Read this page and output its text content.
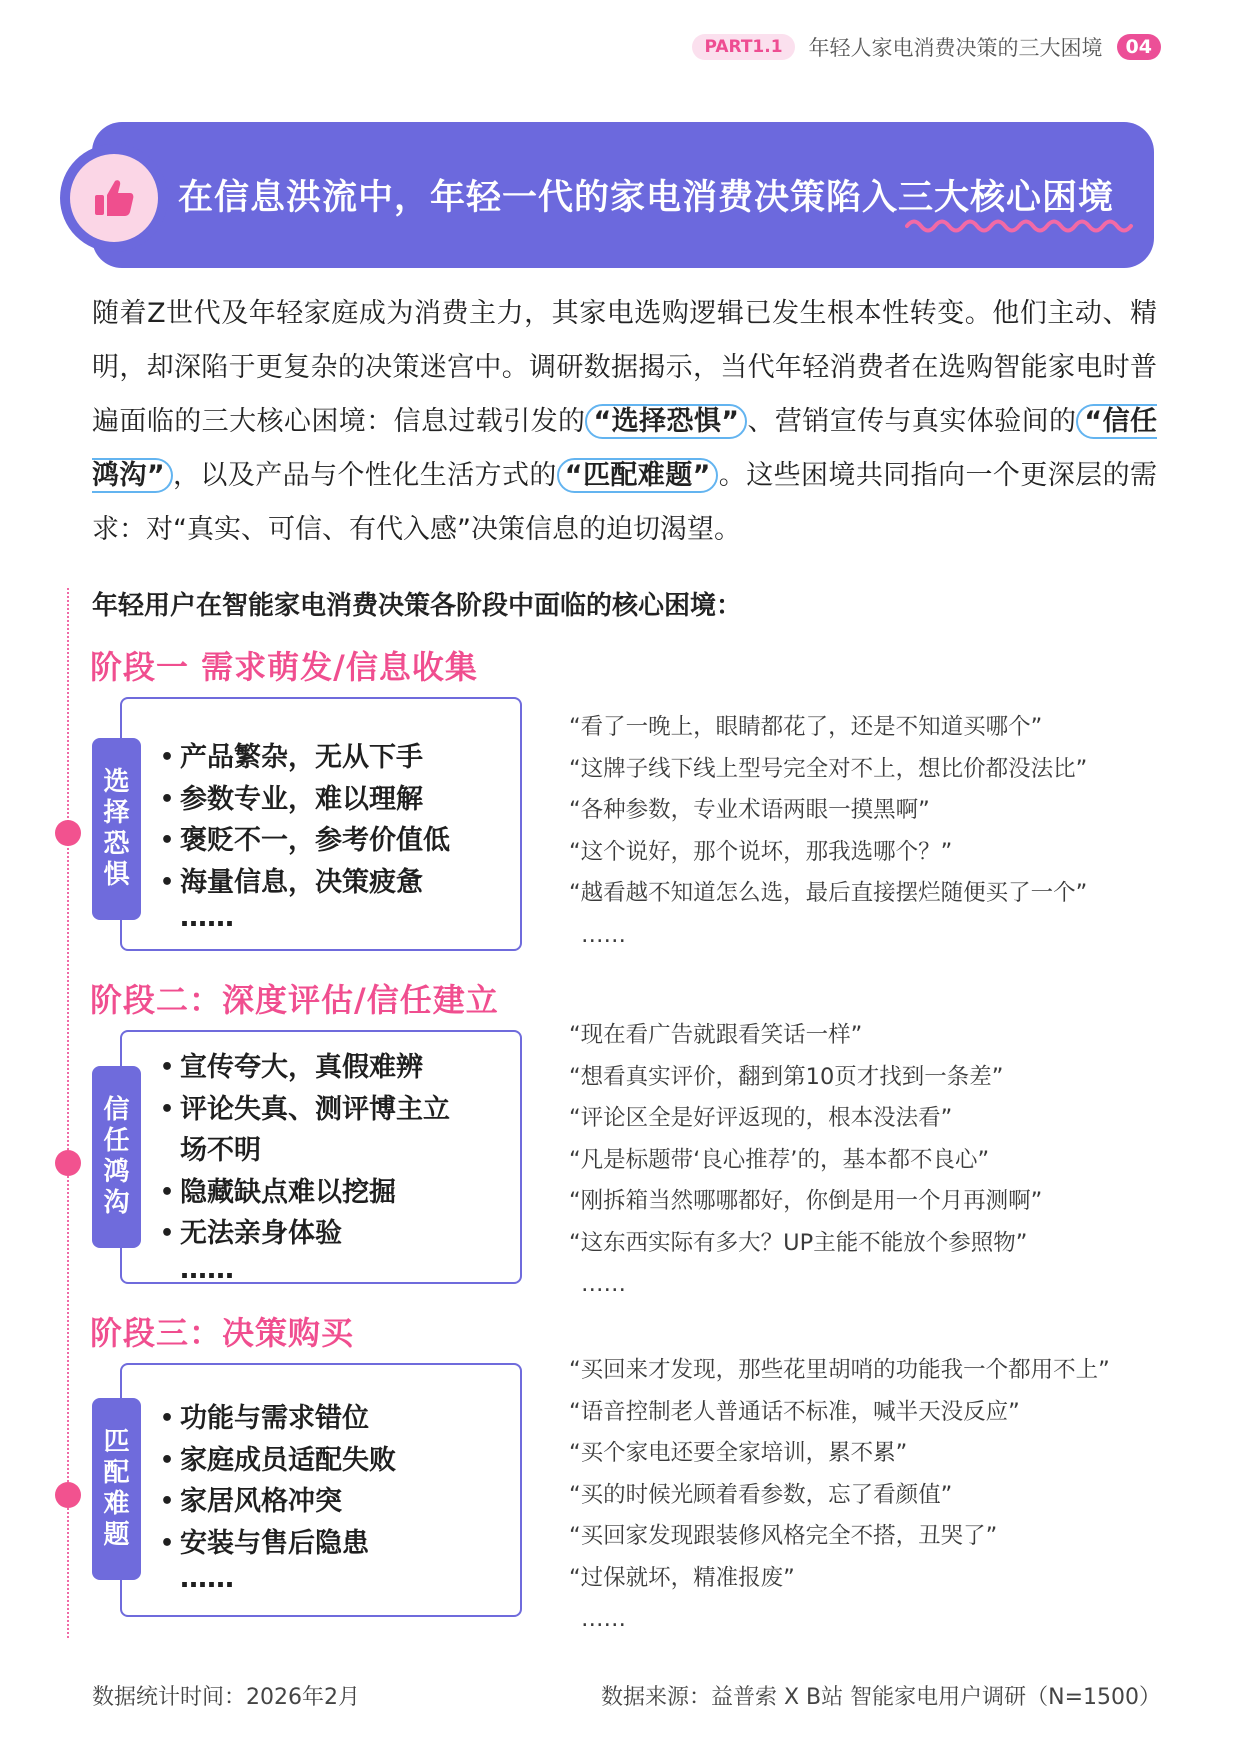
PART1.1	年轻人家电消费决策的三大困境	04
在信息洪流中，年轻一代的家电消费决策陷入三大核心困境
随着Z世代及年轻家庭成为消费主力，其家电选购逻辑已发生根本性转变。他们主动、精明，却深陷于更复杂的决策迷宫中。调研数据揭示，当代年轻消费者在选购智能家电时普遍面临的三大核心困境：信息过载引发的 “选择恐惧” 、营销宣传与真实体验间的 “信任鸿沟” ，以及产品与个性化生活方式的 “匹配难题” 。这些困境共同指向一个更深层的需求：对“真实、可信、有代入感”决策信息的迫切渴望。
年轻用户在智能家电消费决策各阶段中面临的核心困境：
阶段一 需求萌发/信息收集
• 产品繁杂，无从下手
• 参数专业，难以理解
• 褒贬不一，参考价值低
• 海量信息，决策疲惫
……
选择恐惧
“看了一晚上，眼睛都花了，还是不知道买哪个”
“这牌子线下线上型号完全对不上，想比价都没法比”
“各种参数，专业术语两眼一摸黑啊”
“这个说好，那个说坏，那我选哪个？”
“越看越不知道怎么选，最后直接摆烂随便买了一个”
……
阶段二：深度评估/信任建立
• 宣传夸大，真假难辨
• 评论失真、测评博主立
场不明
• 隐藏缺点难以挖掘
• 无法亲身体验
……
信任鸿沟
“现在看广告就跟看笑话一样”
“想看真实评价，翻到第10页才找到一条差”
“评论区全是好评返现的，根本没法看”
“凡是标题带‘良心推荐’的，基本都不良心”
“刚拆箱当然哪哪都好，你倒是用一个月再测啊”
“这东西实际有多大？UP主能不能放个参照物”
……
阶段三：决策购买
• 功能与需求错位
• 家庭成员适配失败
• 家居风格冲突
• 安装与售后隐患
……
匹配难题
“买回来才发现，那些花里胡哨的功能我一个都用不上”
“语音控制老人普通话不标准，喊半天没反应”
“买个家电还要全家培训，累不累”
“买的时候光顾着看参数，忘了看颜值”
“买回家发现跟装修风格完全不搭，丑哭了”
“过保就坏，精准报废”
……
数据统计时间：2026年2月	数据来源：益普索 X B站 智能家电用户调研（N=1500）
